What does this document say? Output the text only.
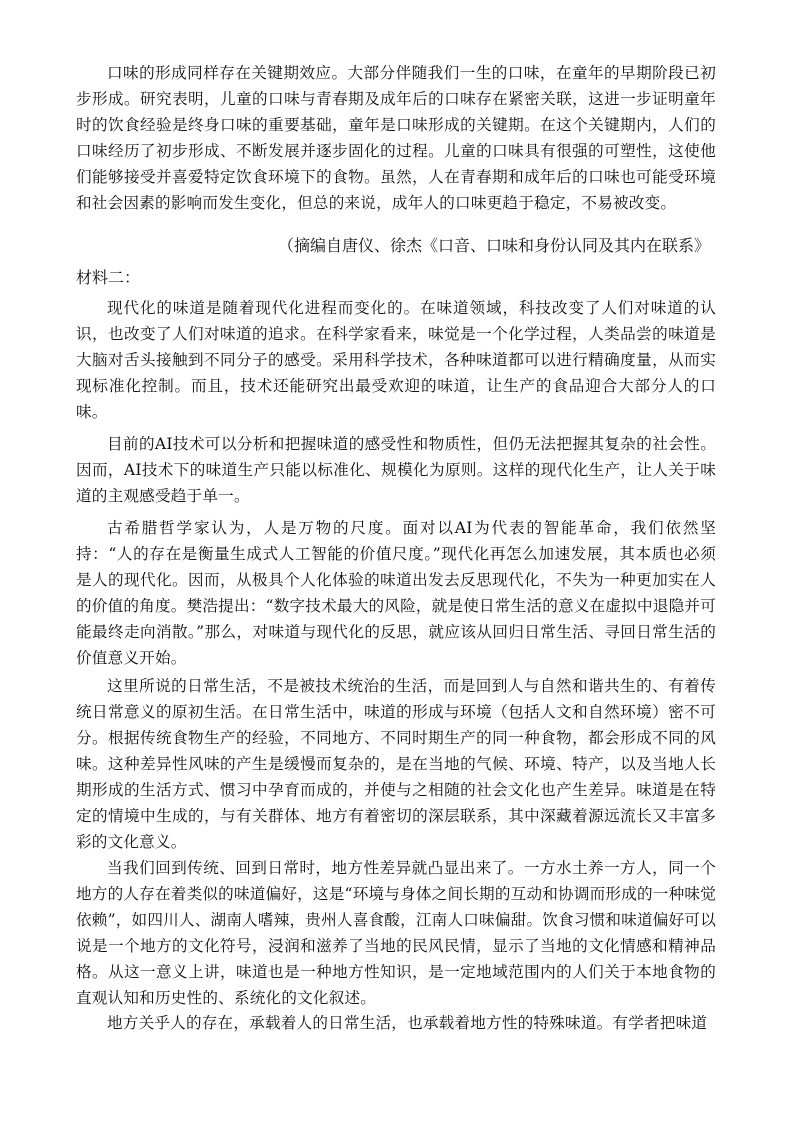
口味的形成同样存在关键期效应。大部分伴随我们一生的口味，在童年的早期阶段已初步形成。研究表明，儿童的口味与青春期及成年后的口味存在紧密关联，这进一步证明童年时的饮食经验是终身口味的重要基础，童年是口味形成的关键期。在这个关键期内，人们的口味经历了初步形成、不断发展并逐步固化的过程。儿童的口味具有很强的可塑性，这使他们能够接受并喜爱特定饮食环境下的食物。虽然，人在青春期和成年后的口味也可能受环境和社会因素的影响而发生变化，但总的来说，成年人的口味更趋于稳定，不易被改变。

（摘编自唐仪、徐杰《口音、口味和身份认同及其内在联系》

材料二：

现代化的味道是随着现代化进程而变化的。在味道领域，科技改变了人们对味道的认识，也改变了人们对味道的追求。在科学家看来，味觉是一个化学过程，人类品尝的味道是大脑对舌头接触到不同分子的感受。采用科学技术，各种味道都可以进行精确度量，从而实现标准化控制。而且，技术还能研究出最受欢迎的味道，让生产的食品迎合大部分人的口味。

目前的AI技术可以分析和把握味道的感受性和物质性，但仍无法把握其复杂的社会性。因而，AI技术下的味道生产只能以标准化、规模化为原则。这样的现代化生产，让人关于味道的主观感受趋于单一。

古希腊哲学家认为，人是万物的尺度。面对以AI为代表的智能革命，我们依然坚持：“人的存在是衡量生成式人工智能的价值尺度。”现代化再怎么加速发展，其本质也必须是人的现代化。因而，从极具个人化体验的味道出发去反思现代化，不失为一种更加实在人的价值的角度。樊浩提出：“数字技术最大的风险，就是使日常生活的意义在虚拟中退隐并可能最终走向消散。”那么，对味道与现代化的反思，就应该从回归日常生活、寻回日常生活的价值意义开始。

这里所说的日常生活，不是被技术统治的生活，而是回到人与自然和谐共生的、有着传统日常意义的原初生活。在日常生活中，味道的形成与环境（包括人文和自然环境）密不可分。根据传统食物生产的经验，不同地方、不同时期生产的同一种食物，都会形成不同的风味。这种差异性风味的产生是缓慢而复杂的，是在当地的气候、环境、特产，以及当地人长期形成的生活方式、惯习中孕育而成的，并使与之相随的社会文化也产生差异。味道是在特定的情境中生成的，与有关群体、地方有着密切的深层联系，其中深藏着源远流长又丰富多彩的文化意义。

当我们回到传统、回到日常时，地方性差异就凸显出来了。一方水土养一方人，同一个地方的人存在着类似的味道偏好，这是“环境与身体之间长期的互动和协调而形成的一种味觉依赖”，如四川人、湖南人嗜辣，贵州人喜食酸，江南人口味偏甜。饮食习惯和味道偏好可以说是一个地方的文化符号，浸润和滋养了当地的民风民情，显示了当地的文化情感和精神品格。从这一意义上讲，味道也是一种地方性知识，是一定地域范围内的人们关于本地食物的直观认知和历史性的、系统化的文化叙述。

地方关乎人的存在，承载着人的日常生活，也承载着地方性的特殊味道。有学者把味道
